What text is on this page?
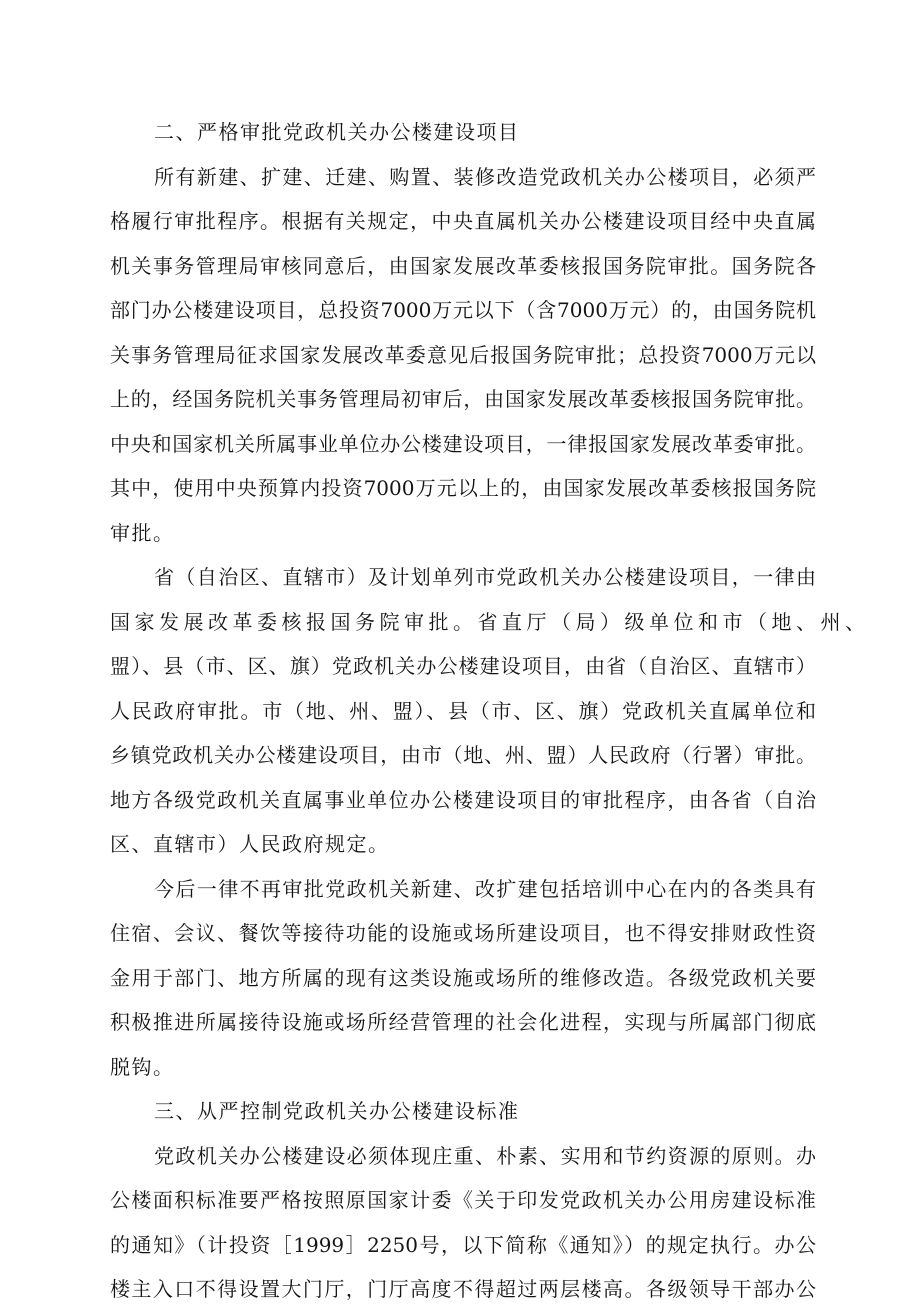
二、严格审批党政机关办公楼建设项目
所有新建、扩建、迁建、购置、装修改造党政机关办公楼项目，必须严
格履行审批程序。根据有关规定，中央直属机关办公楼建设项目经中央直属
机关事务管理局审核同意后，由国家发展改革委核报国务院审批。国务院各
部门办公楼建设项目，总投资7000万元以下（含7000万元）的，由国务院机
关事务管理局征求国家发展改革委意见后报国务院审批；总投资7000万元以
上的，经国务院机关事务管理局初审后，由国家发展改革委核报国务院审批。
中央和国家机关所属事业单位办公楼建设项目，一律报国家发展改革委审批。
其中，使用中央预算内投资7000万元以上的，由国家发展改革委核报国务院
审批。
省（自治区、直辖市）及计划单列市党政机关办公楼建设项目，一律由
国家发展改革委核报国务院审批。省直厅（局）级单位和市（地、州、
盟）、县（市、区、旗）党政机关办公楼建设项目，由省（自治区、直辖市）
人民政府审批。市（地、州、盟）、县（市、区、旗）党政机关直属单位和
乡镇党政机关办公楼建设项目，由市（地、州、盟）人民政府（行署）审批。
地方各级党政机关直属事业单位办公楼建设项目的审批程序，由各省（自治
区、直辖市）人民政府规定。
今后一律不再审批党政机关新建、改扩建包括培训中心在内的各类具有
住宿、会议、餐饮等接待功能的设施或场所建设项目，也不得安排财政性资
金用于部门、地方所属的现有这类设施或场所的维修改造。各级党政机关要
积极推进所属接待设施或场所经营管理的社会化进程，实现与所属部门彻底
脱钩。
三、从严控制党政机关办公楼建设标准
党政机关办公楼建设必须体现庄重、朴素、实用和节约资源的原则。办
公楼面积标准要严格按照原国家计委《关于印发党政机关办公用房建设标准
的通知》（计投资［1999］2250号，以下简称《通知》）的规定执行。办公
楼主入口不得设置大门厅，门厅高度不得超过两层楼高。各级领导干部办公
